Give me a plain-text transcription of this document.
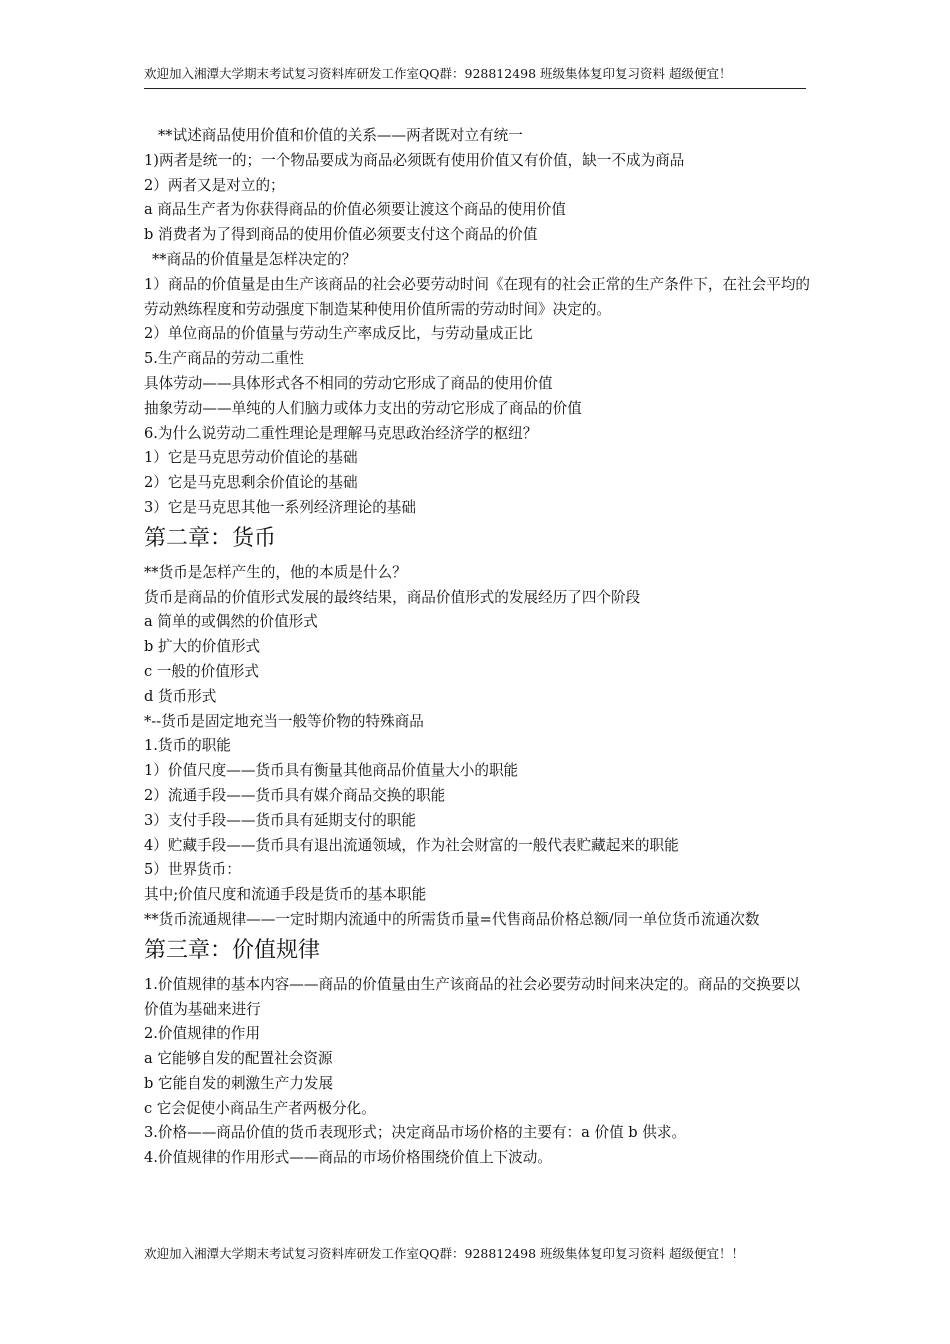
欢迎加入湘潭大学期末考试复习资料库研发工作室QQ群：928812498 班级集体复印复习资料 超级便宜！
**试述商品使用价值和价值的关系——两者既对立有统一
1)两者是统一的；一个物品要成为商品必须既有使用价值又有价值，缺一不成为商品
2）两者又是对立的；
a 商品生产者为你获得商品的价值必须要让渡这个商品的使用价值
b 消费者为了得到商品的使用价值必须要支付这个商品的价值
**商品的价值量是怎样决定的？
1）商品的价值量是由生产该商品的社会必要劳动时间《在现有的社会正常的生产条件下，在社会平均的劳动熟练程度和劳动强度下制造某种使用价值所需的劳动时间》决定的。
2）单位商品的价值量与劳动生产率成反比，与劳动量成正比
5.生产商品的劳动二重性
具体劳动——具体形式各不相同的劳动它形成了商品的使用价值
抽象劳动——单纯的人们脑力或体力支出的劳动它形成了商品的价值
6.为什么说劳动二重性理论是理解马克思政治经济学的枢纽？
1）它是马克思劳动价值论的基础
2）它是马克思剩余价值论的基础
3）它是马克思其他一系列经济理论的基础
第二章：货币
**货币是怎样产生的，他的本质是什么？
货币是商品的价值形式发展的最终结果，商品价值形式的发展经历了四个阶段
a 简单的或偶然的价值形式
b 扩大的价值形式
c 一般的价值形式
d 货币形式
*--货币是固定地充当一般等价物的特殊商品
1.货币的职能
1）价值尺度——货币具有衡量其他商品价值量大小的职能
2）流通手段——货币具有媒介商品交换的职能
3）支付手段——货币具有延期支付的职能
4）贮藏手段——货币具有退出流通领域，作为社会财富的一般代表贮藏起来的职能
5）世界货币：
其中;价值尺度和流通手段是货币的基本职能
**货币流通规律——一定时期内流通中的所需货币量=代售商品价格总额/同一单位货币流通次数
第三章：价值规律
1.价值规律的基本内容——商品的价值量由生产该商品的社会必要劳动时间来决定的。商品的交换要以价值为基础来进行
2.价值规律的作用
a 它能够自发的配置社会资源
b 它能自发的刺激生产力发展
c 它会促使小商品生产者两极分化。
3.价格——商品价值的货币表现形式；决定商品市场价格的主要有：a 价值 b 供求。
4.价值规律的作用形式——商品的市场价格围绕价值上下波动。
欢迎加入湘潭大学期末考试复习资料库研发工作室QQ群：928812498 班级集体复印复习资料 超级便宜！！
